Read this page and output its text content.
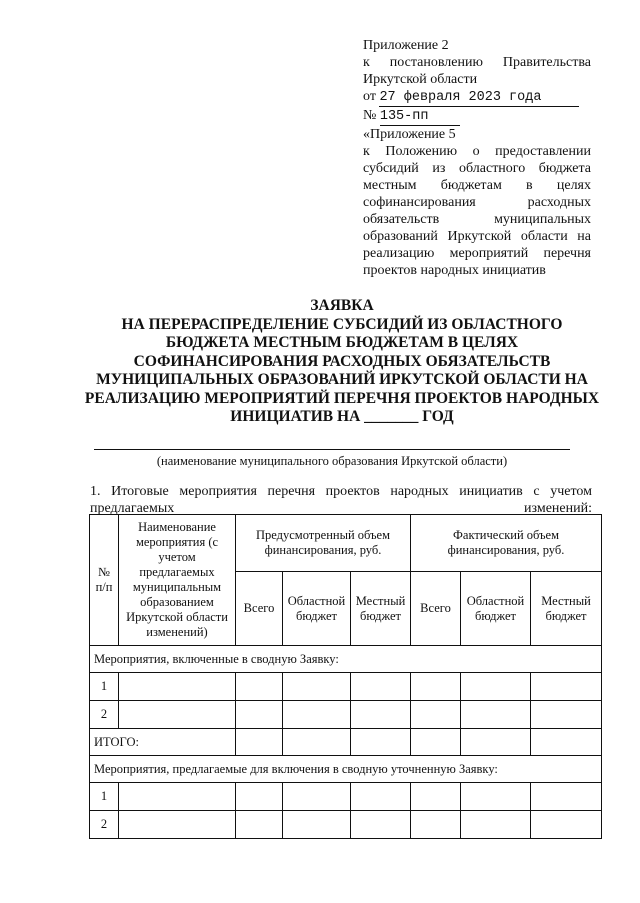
Приложение 2
к постановлению Правительства
Иркутской области
от 27 февраля 2023 года
№ 135-пп
«Приложение 5
к Положению о предоставлении
субсидий из областного бюджета
местным бюджетам в целях
софинансирования расходных
обязательств муниципальных
образований Иркутской области на
реализацию мероприятий перечня
проектов народных инициатив
ЗАЯВКА
НА ПЕРЕРАСПРЕДЕЛЕНИЕ СУБСИДИЙ ИЗ ОБЛАСТНОГО
БЮДЖЕТА МЕСТНЫМ БЮДЖЕТАМ В ЦЕЛЯХ
СОФИНАНСИРОВАНИЯ РАСХОДНЫХ ОБЯЗАТЕЛЬСТВ
МУНИЦИПАЛЬНЫХ ОБРАЗОВАНИЙ ИРКУТСКОЙ ОБЛАСТИ НА
РЕАЛИЗАЦИЮ МЕРОПРИЯТИЙ ПЕРЕЧНЯ ПРОЕКТОВ НАРОДНЫХ
ИНИЦИАТИВ НА _______ ГОД
(наименование муниципального образования Иркутской области)
1. Итоговые мероприятия перечня проектов народных инициатив с учетом предлагаемых изменений:
№ п/п	Наименование мероприятия (с учетом предлагаемых муниципальным образованием Иркутской области изменений)	Предусмотренный объем финансирования, руб.			Фактический объем финансирования, руб.		
		Всего	Областной бюджет	Местный бюджет	Всего	Областной бюджет	Местный бюджет
Мероприятия, включенные в сводную Заявку:							
1							
2							
ИТОГО:							
Мероприятия, предлагаемые для включения в сводную уточненную Заявку:							
1							
2							
